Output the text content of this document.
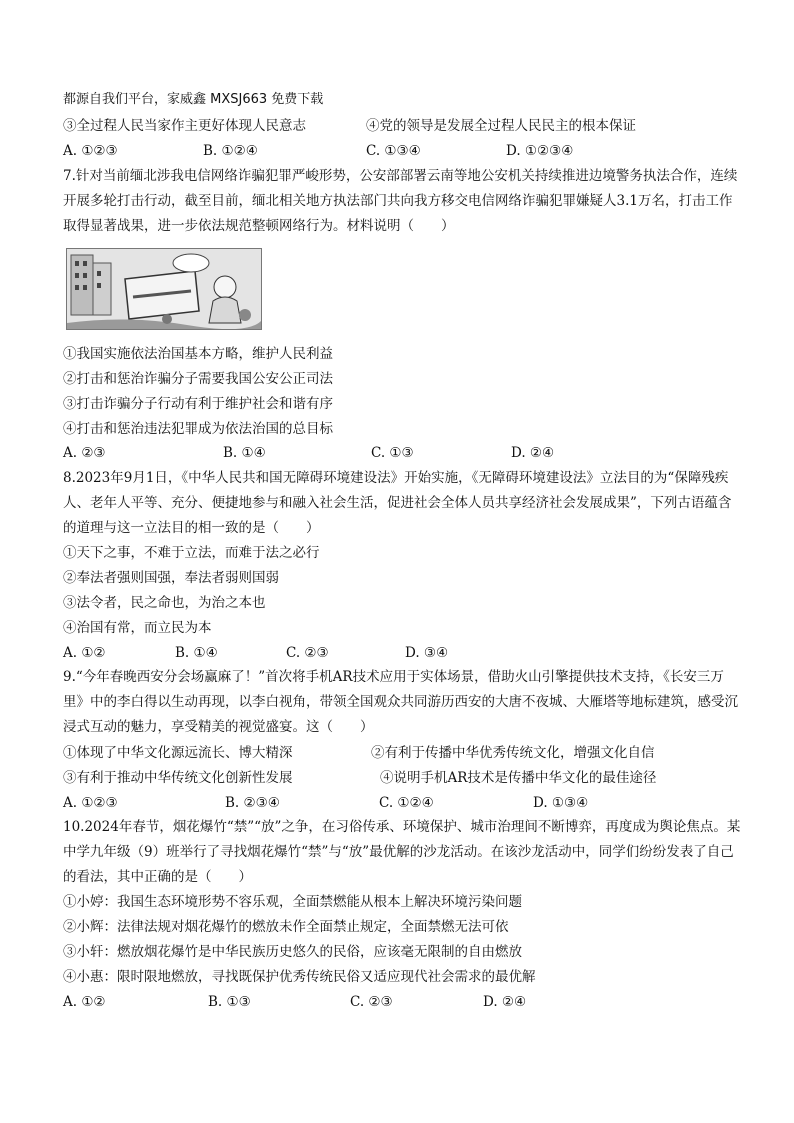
都源自我们平台，家威鑫 MXSJ663 免费下载
③全过程人民当家作主更好体现人民意志	④党的领导是发展全过程人民民主的根本保证
A. ①②③	B. ①②④	C. ①③④	D. ①②③④
7.针对当前缅北涉我电信网络诈骗犯罪严峻形势，公安部部署云南等地公安机关持续推进边境警务执法合作，连续开展多轮打击行动，截至目前，缅北相关地方执法部门共向我方移交电信网络诈骗犯罪嫌疑人3.1万名，打击工作取得显著战果，进一步依法规范整顿网络行为。材料说明（　　）
①我国实施依法治国基本方略，维护人民利益
②打击和惩治诈骗分子需要我国公安公正司法
③打击诈骗分子行动有利于维护社会和谐有序
④打击和惩治违法犯罪成为依法治国的总目标
A. ②③	B. ①④	C. ①③	D. ②④
8.2023年9月1日，《中华人民共和国无障碍环境建设法》开始实施，《无障碍环境建设法》立法目的为“保障残疾人、老年人平等、充分、便捷地参与和融入社会生活，促进社会全体人员共享经济社会发展成果”，下列古语蕴含的道理与这一立法目的相一致的是（　　）
①天下之事，不难于立法，而难于法之必行
②奉法者强则国强，奉法者弱则国弱
③法令者，民之命也，为治之本也
④治国有常，而立民为本
A. ①②	B. ①④	C. ②③	D. ③④
9.“今年春晚西安分会场赢麻了！”首次将手机AR技术应用于实体场景，借助火山引擎提供技术支持，《长安三万里》中的李白得以生动再现，以李白视角，带领全国观众共同游历西安的大唐不夜城、大雁塔等地标建筑，感受沉浸式互动的魅力，享受精美的视觉盛宴。这（　　）
①体现了中华文化源远流长、博大精深	②有利于传播中华优秀传统文化，增强文化自信
③有利于推动中华传统文化创新性发展	④说明手机AR技术是传播中华文化的最佳途径
A. ①②③	B. ②③④	C. ①②④	D. ①③④
10.2024年春节，烟花爆竹“禁”“放”之争，在习俗传承、环境保护、城市治理间不断博弈，再度成为舆论焦点。某中学九年级（9）班举行了寻找烟花爆竹“禁”与“放”最优解的沙龙活动。在该沙龙活动中，同学们纷纷发表了自己的看法，其中正确的是（　　）
①小婷：我国生态环境形势不容乐观，全面禁燃能从根本上解决环境污染问题
②小辉：法律法规对烟花爆竹的燃放未作全面禁止规定，全面禁燃无法可依
③小轩：燃放烟花爆竹是中华民族历史悠久的民俗，应该毫无限制的自由燃放
④小惠：限时限地燃放，寻找既保护优秀传统民俗又适应现代社会需求的最优解
A. ①②	B. ①③	C. ②③	D. ②④
